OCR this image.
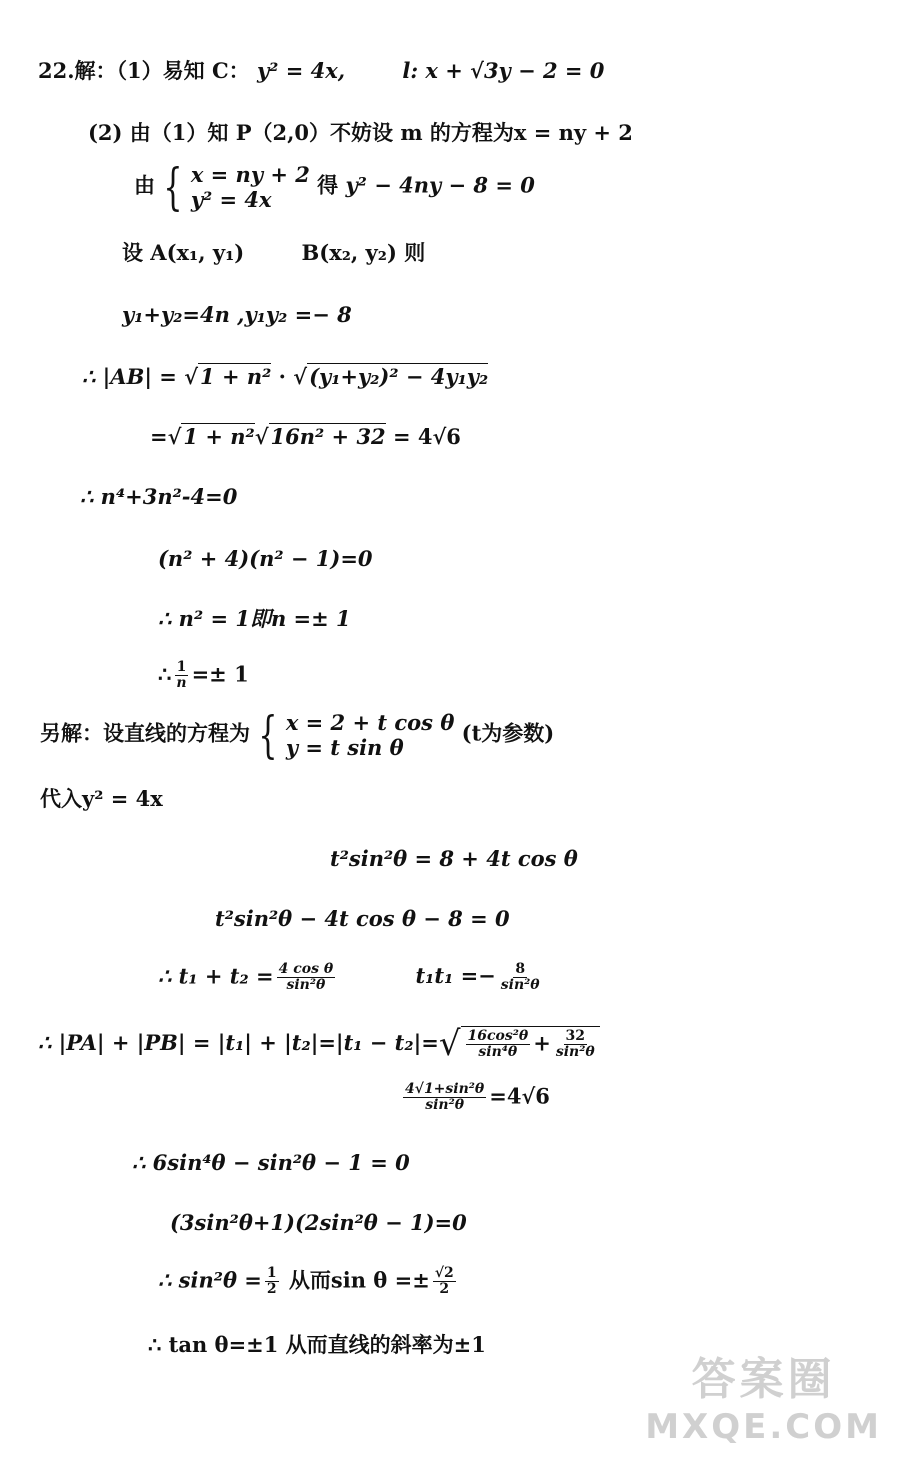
22.解：（1）易知 C： y² = 4x,	l: x + √3y − 2 = 0
(2) 由（1）知 P（2,0）不妨设 m 的方程为x = ny + 2
由 { x = ny + 2
y² = 4x
得 y² − 4ny − 8 = 0
设 A(x₁, y₁)	B(x₂, y₂) 则
y₁+y₂=4n ,y₁y₂ =− 8
∴ |AB| = √1 + n² · √(y₁+y₂)² − 4y₁y₂
=√1 + n²√16n² + 32 = 4√6
∴ n⁴+3n²-4=0
(n² + 4)(n² − 1)=0
∴ n² = 1即n =± 1
∴ $\frac{1}{n} =\pm 1$
另解：设直线的方程为 { x = 2 + t cos θ
y = t sin θ
(t为参数)
代入y² = 4x
t²sin²θ = 8 + 4t cos θ
t²sin²θ − 4t cos θ − 8 = 0
∴ $t_1 + t_2 = \frac{\text{4 cos θ}}{\text{sin²θ}}$	$t_1t_1 =- \frac{8}{\text{sin²θ}}$
∴ $|PA| + |PB| = |t_1| + |t_2|=|t_1 - t_2|=√ \frac{\text{16cos²θ}}{\text{sin⁴θ}} + \frac{32}{\text{sin²θ}}$
$\frac{\text{4√1+sin²θ}}{\text{sin²θ}} =4√6$
∴ 6sin⁴θ − sin²θ − 1 = 0
(3sin²θ+1)(2sin²θ − 1)=0
∴ $\sin^2\theta = \frac{1}{2}$ 从而$\sin \theta =\pm \frac{√2}{2}$
∴ tan θ=±1 从而直线的斜率为±1
答案圈
MXQE.COM
